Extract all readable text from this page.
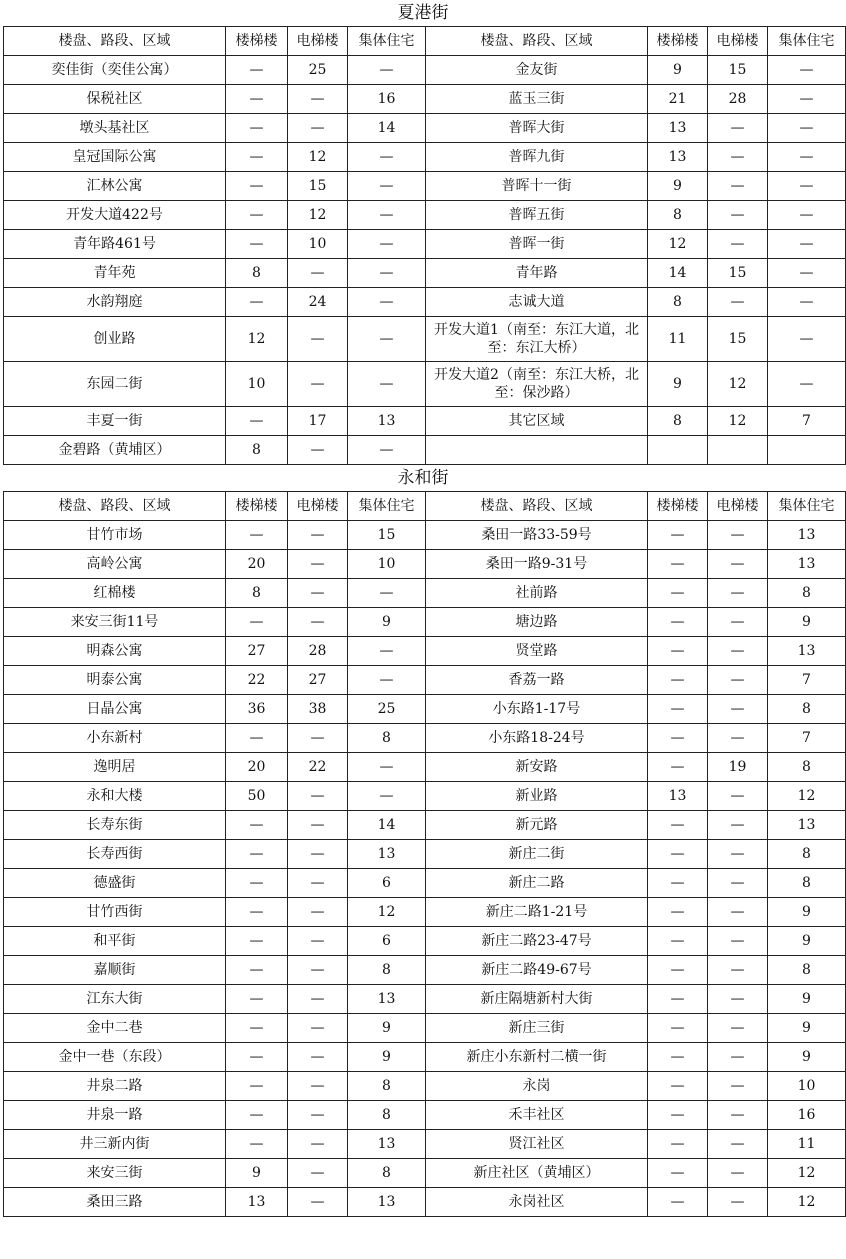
夏港街
楼盘、路段、区域	楼梯楼	电梯楼	集体住宅	楼盘、路段、区域	楼梯楼	电梯楼	集体住宅
奕佳街（奕佳公寓）	—	25	—	金友街	9	15	—
保税社区	—	—	16	蓝玉三街	21	28	—
墩头基社区	—	—	14	普晖大街	13	—	—
皇冠国际公寓	—	12	—	普晖九街	13	—	—
汇林公寓	—	15	—	普晖十一街	9	—	—
开发大道422号	—	12	—	普晖五街	8	—	—
青年路461号	—	10	—	普晖一街	12	—	—
青年苑	8	—	—	青年路	14	15	—
水韵翔庭	—	24	—	志诚大道	8	—	—
创业路	12	—	—	开发大道1（南至：东江大道，北至：东江大桥）	11	15	—
东园二街	10	—	—	开发大道2（南至：东江大桥，北至：保沙路）	9	12	—
丰夏一街	—	17	13	其它区域	8	12	7
金碧路（黄埔区）	8	—	—				
永和街
楼盘、路段、区域	楼梯楼	电梯楼	集体住宅	楼盘、路段、区域	楼梯楼	电梯楼	集体住宅
甘竹市场	—	—	15	桑田一路33-59号	—	—	13
高岭公寓	20	—	10	桑田一路9-31号	—	—	13
红棉楼	8	—	—	社前路	—	—	8
来安三街11号	—	—	9	塘边路	—	—	9
明森公寓	27	28	—	贤堂路	—	—	13
明泰公寓	22	27	—	香荔一路	—	—	7
日晶公寓	36	38	25	小东路1-17号	—	—	8
小东新村	—	—	8	小东路18-24号	—	—	7
逸明居	20	22	—	新安路	—	19	8
永和大楼	50	—	—	新业路	13	—	12
长寿东街	—	—	14	新元路	—	—	13
长寿西街	—	—	13	新庄二街	—	—	8
德盛街	—	—	6	新庄二路	—	—	8
甘竹西街	—	—	12	新庄二路1-21号	—	—	9
和平街	—	—	6	新庄二路23-47号	—	—	9
嘉顺街	—	—	8	新庄二路49-67号	—	—	8
江东大街	—	—	13	新庄隔塘新村大街	—	—	9
金中二巷	—	—	9	新庄三街	—	—	9
金中一巷（东段）	—	—	9	新庄小东新村二横一街	—	—	9
井泉二路	—	—	8	永岗	—	—	10
井泉一路	—	—	8	禾丰社区	—	—	16
井三新内街	—	—	13	贤江社区	—	—	11
来安三街	9	—	8	新庄社区（黄埔区）	—	—	12
桑田三路	13	—	13	永岗社区	—	—	12
